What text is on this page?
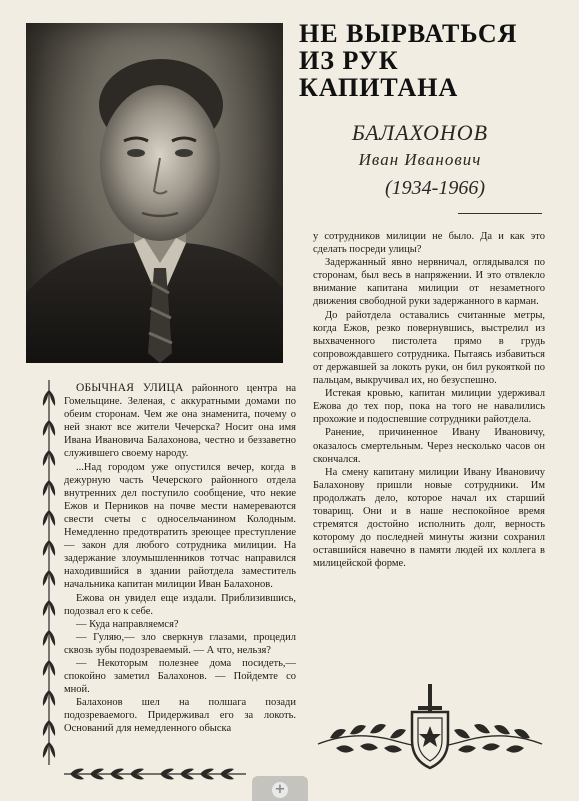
НЕ ВЫРВАТЬСЯ
ИЗ РУК
КАПИТАНА
БАЛАХОНОВ
Иван Иванович
(1934-1966)

ОБЫЧНАЯ УЛИЦА районного центра на Гомельщине. Зеленая, с аккуратными домами по обеим сторонам. Чем же она знаменита, почему о ней знают все жители Чечерска? Носит она имя Ивана Ивановича Балахонова, честно и беззаветно служившего своему народу.

...Над городом уже опустился вечер, когда в дежурную часть Чечерского районного отдела внутренних дел поступило сообщение, что некие Ежов и Перников на почве мести намереваются свести счеты с односельчанином Колодным. Немедленно предотвратить зреющее преступление — закон для любого сотрудника милиции. На задержание злоумышленников тотчас направился находившийся в здании райотдела заместитель начальника капитан милиции Иван Балахонов.

Ежова он увидел еще издали. Приблизившись, подозвал его к себе.

— Куда направляемся?

— Гуляю,— зло сверкнув глазами, процедил сквозь зубы подозреваемый. — А что, нельзя?

— Некоторым полезнее дома посидеть,— спокойно заметил Балахонов. — Пойдемте со мной.

Балахонов шел на полшага позади подозреваемого. Придерживал его за локоть. Оснований для немедленного обыска

у сотрудников милиции не было. Да и как это сделать посреди улицы?

Задержанный явно нервничал, оглядывался по сторонам, был весь в напряжении. И это отвлекло внимание капитана милиции от незаметного движения свободной руки задержанного в карман.

До райотдела оставались считанные метры, когда Ежов, резко повернувшись, выстрелил из выхваченного пистолета прямо в грудь сопровождавшего сотрудника. Пытаясь избавиться от державшей за локоть руки, он бил рукояткой по пальцам, выкручивал их, но безуспешно.

Истекая кровью, капитан милиции удерживал Ежова до тех пор, пока на того не навалились прохожие и подоспевшие сотрудники райотдела.

Ранение, причиненное Ивану Ивановичу, оказалось смертельным. Через несколько часов он скончался.

На смену капитану милиции Ивану Ивановичу Балахонову пришли новые сотрудники. Им продолжать дело, которое начал их старший товарищ. Они и в наше неспокойное время стремятся достойно исполнить долг, верность которому до последней минуты жизни сохранил оставшийся навечно в памяти людей их коллега в милицейской форме.

+
